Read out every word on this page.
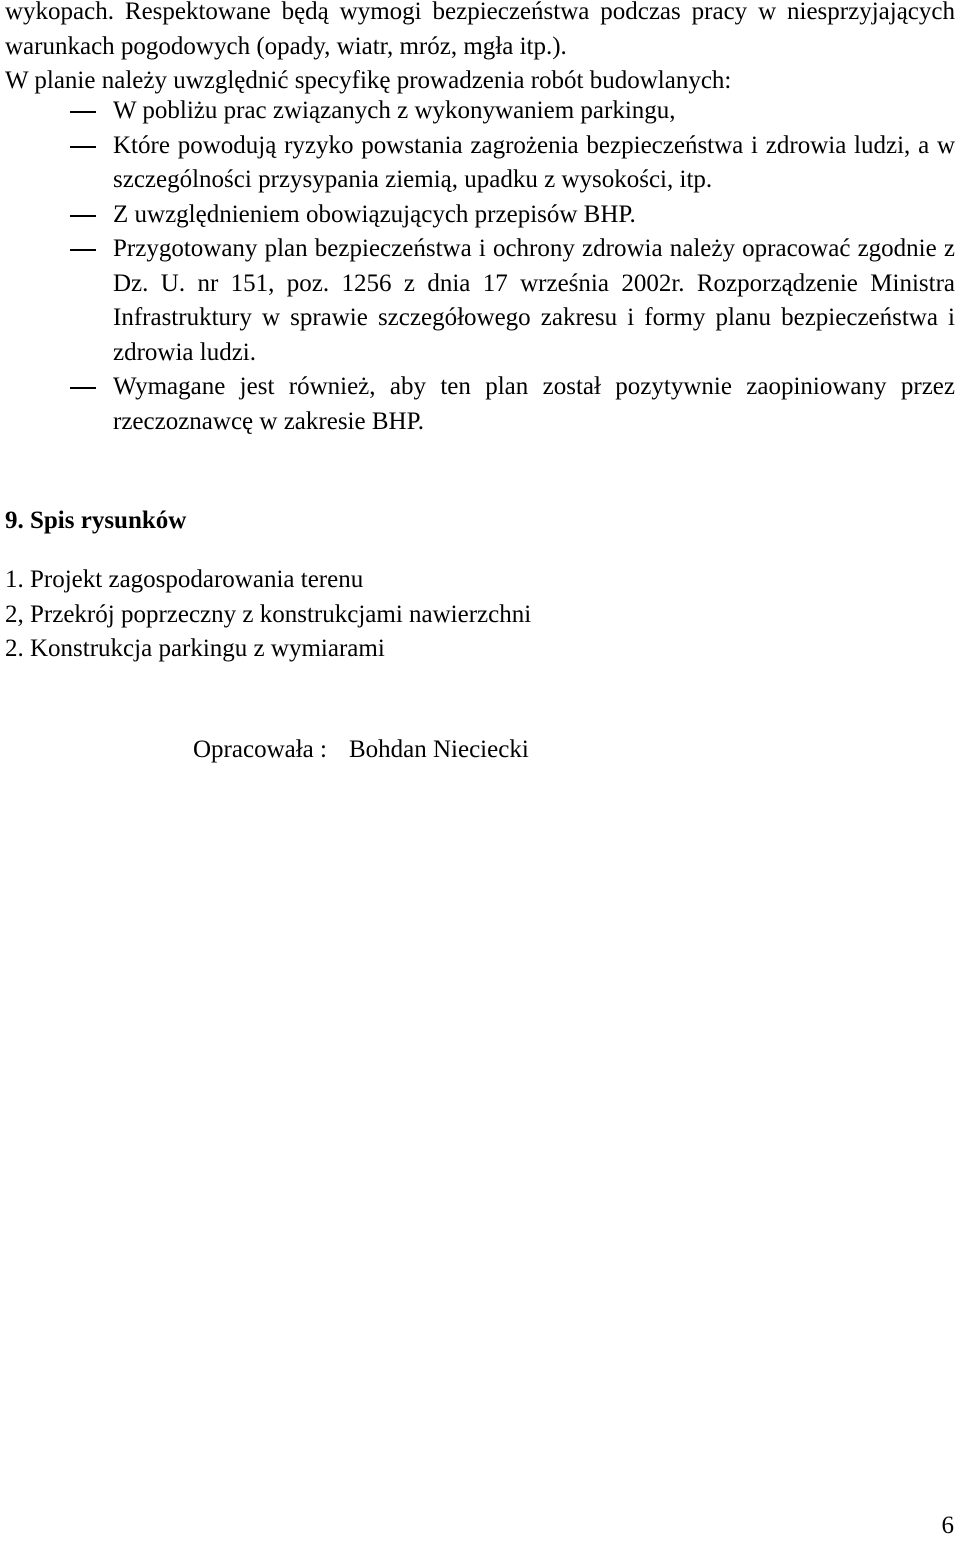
wykopach. Respektowane będą wymogi bezpieczeństwa podczas pracy w niesprzyjających warunkach pogodowych (opady, wiatr, mróz, mgła itp.).

W planie należy uwzględnić specyfikę prowadzenia robót budowlanych:

W pobliżu prac związanych z wykonywaniem parkingu,
Które powodują ryzyko powstania zagrożenia bezpieczeństwa i zdrowia ludzi, a w szczególności przysypania ziemią, upadku z wysokości, itp.
Z uwzględnieniem obowiązujących przepisów BHP.
Przygotowany plan bezpieczeństwa i ochrony zdrowia należy opracować zgodnie z Dz. U. nr 151, poz. 1256 z dnia 17 września 2002r. Rozporządzenie Ministra Infrastruktury w sprawie szczegółowego zakresu i formy planu bezpieczeństwa i zdrowia ludzi.
Wymagane jest również, aby ten plan został pozytywnie zaopiniowany przez rzeczoznawcę w zakresie BHP.
9. Spis rysunków
1. Projekt zagospodarowania terenu
2, Przekrój poprzeczny z konstrukcjami nawierzchni
2. Konstrukcja parkingu z wymiarami

Opracowała : Bohdan Nieciecki

6
